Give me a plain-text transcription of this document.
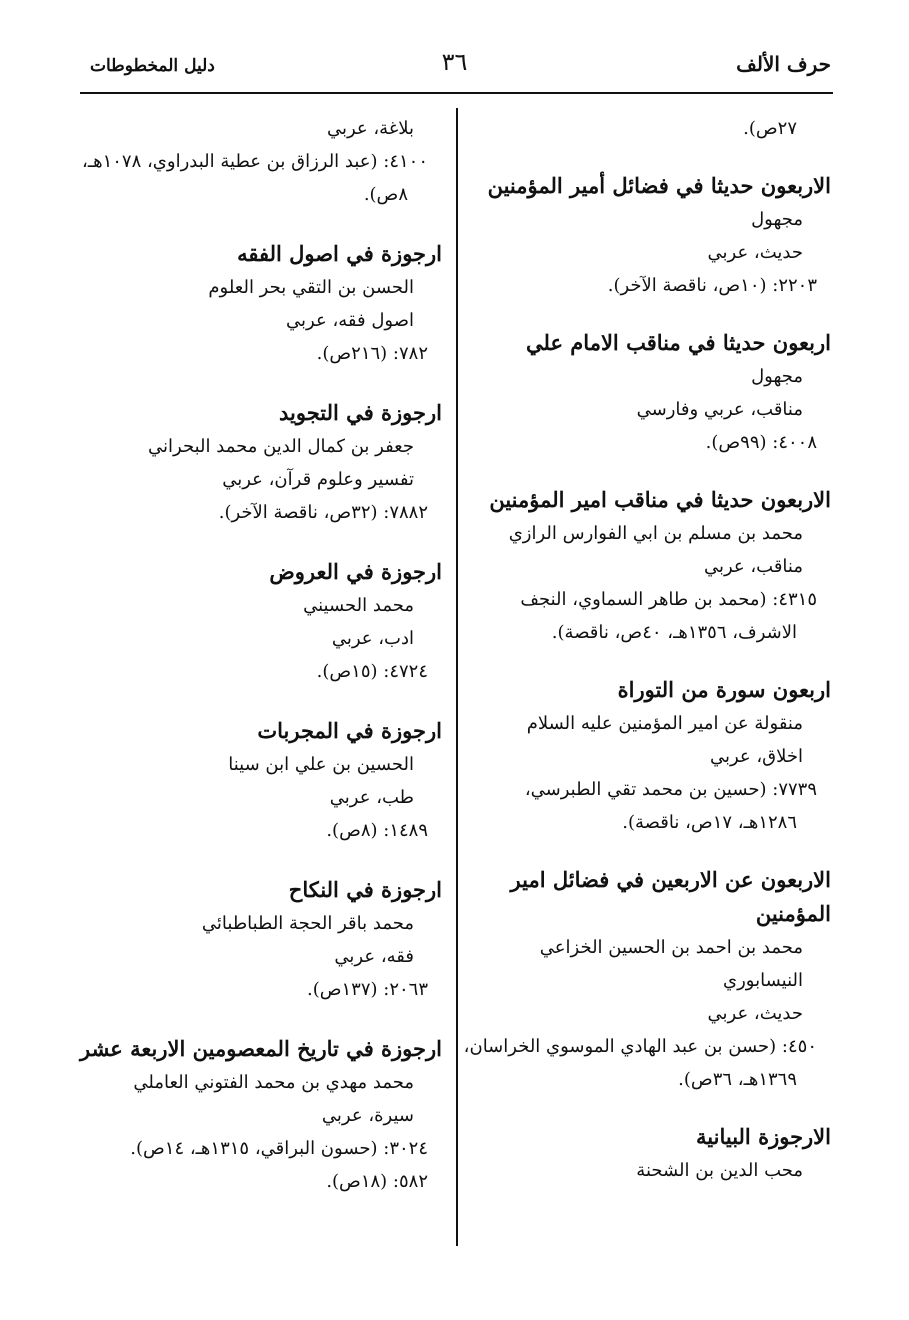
حرف الألف
٣٦
دليل المخطوطات
٢٧ص).
الاربعون حديثا في فضائل أمير المؤمنين
مجهول
حديث، عربي
٢٢٠٣: (١٠ص، ناقصة الآخر).
اربعون حديثا في مناقب الامام علي
مجهول
مناقب، عربي وفارسي
٤٠٠٨: (٩٩ص).
الاربعون حديثا في مناقب امير المؤمنين
محمد بن مسلم بن ابي الفوارس الرازي
مناقب، عربي
٤٣١٥: (محمد بن طاهر السماوي، النجف
الاشرف، ١٣٥٦هـ، ٤٠ص، ناقصة).
اربعون سورة من التوراة
منقولة عن امير المؤمنين عليه السلام
اخلاق، عربي
٧٧٣٩: (حسين بن محمد تقي الطبرسي،
١٢٨٦هـ، ١٧ص، ناقصة).
الاربعون عن الاربعين في فضائل امير
المؤمنين
محمد بن احمد بن الحسين الخزاعي
النيسابوري
حديث، عربي
٤٥٠: (حسن بن عبد الهادي الموسوي الخراسان،
١٣٦٩هـ، ٣٦ص).
الارجوزة البيانية
محب الدين بن الشحنة
بلاغة، عربي
٤١٠٠: (عبد الرزاق بن عطية البدراوي، ١٠٧٨هـ،
٨ص).
ارجوزة في اصول الفقه
الحسن بن التقي بحر العلوم
اصول فقه، عربي
٧٨٢: (٢١٦ص).
ارجوزة في التجويد
جعفر بن كمال الدين محمد البحراني
تفسير وعلوم قرآن، عربي
٧٨٨٢: (٣٢ص، ناقصة الآخر).
ارجوزة في العروض
محمد الحسيني
ادب، عربي
٤٧٢٤: (١٥ص).
ارجوزة في المجربات
الحسين بن علي ابن سينا
طب، عربي
١٤٨٩: (٨ص).
ارجوزة في النكاح
محمد باقر الحجة الطباطبائي
فقه، عربي
٢٠٦٣: (١٣٧ص).
ارجوزة في تاريخ المعصومين الاربعة عشر
محمد مهدي بن محمد الفتوني العاملي
سيرة، عربي
٣٠٢٤: (حسون البراقي، ١٣١٥هـ، ١٤ص).
٥٨٢: (١٨ص).
